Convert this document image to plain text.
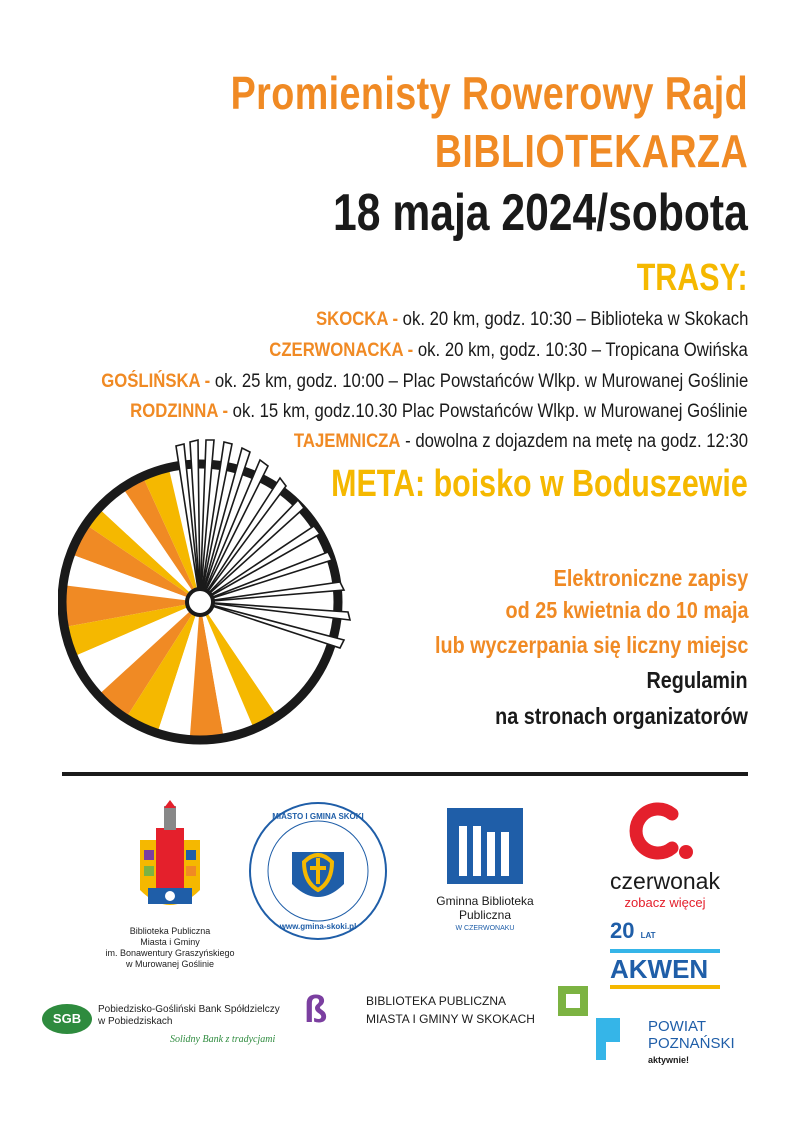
Promienisty Rowerowy Rajd
BIBLIOTEKARZA
18 maja 2024/sobota
TRASY:
SKOCKA - ok. 20 km, godz. 10:30 – Biblioteka w Skokach
CZERWONACKA - ok. 20 km, godz. 10:30 – Tropicana Owińska
GOŚLIŃSKA - ok. 25 km, godz. 10:00 – Plac Powstańców Wlkp. w Murowanej Goślinie
RODZINNA - ok. 15 km, godz.10.30 Plac Powstańców Wlkp. w Murowanej Goślinie
TAJEMNICZA - dowolna z dojazdem na metę na godz. 12:30
META: boisko w Boduszewie
Elektroniczne zapisy
od 25 kwietnia do 10 maja
lub wyczerpania się liczny miejsc
Regulamin
na stronach organizatorów
Biblioteka Publiczna
Miasta i Gminy
im. Bonawentury Graszyńskiego
w Murowanej Goślinie
MIASTO I GMINA SKOKI
www.gmina-skoki.pl
Gminna Biblioteka
Publiczna
W CZERWONAKU
czerwonak
zobacz więcej
20 LAT
AKWEN
SGB
Pobiedzisko-Gośliński Bank Spółdzielczy
w Pobiedziskach
Solidny Bank z tradycjami
ß	BIBLIOTEKA PUBLICZNA
MIASTA I GMINY W SKOKACH	POWIAT
POZNAŃSKI
aktywnie!
